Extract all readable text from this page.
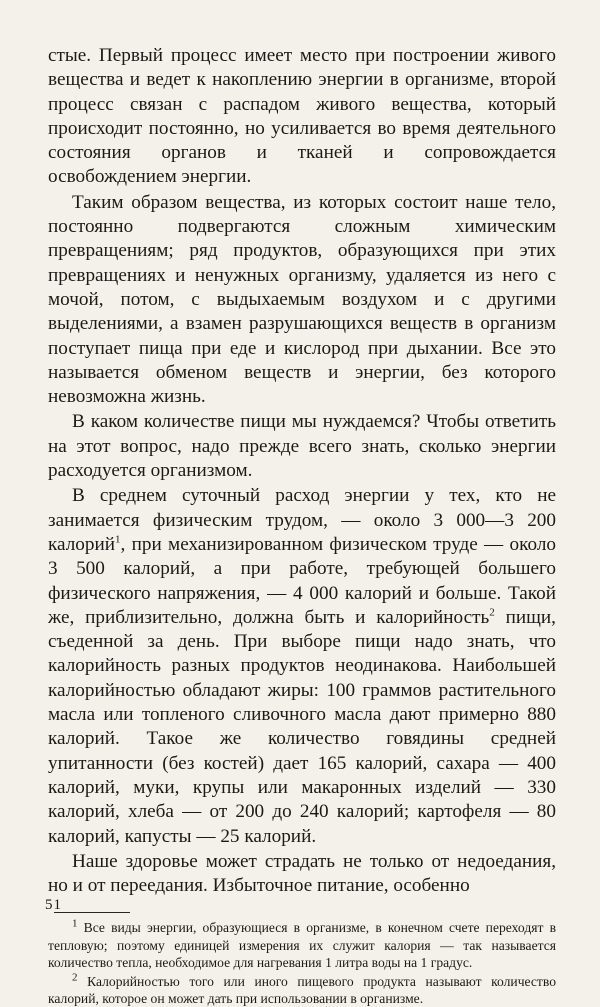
стые. Первый процесс имеет место при построении живого вещества и ведет к накоплению энергии в организме, второй процесс связан с распадом живого вещества, который происходит постоянно, но усиливается во время деятельного состояния органов и тканей и сопровождается освобождением энергии.

Таким образом вещества, из которых состоит наше тело, постоянно подвергаются сложным химическим превращениям; ряд продуктов, образующихся при этих превращениях и ненужных организму, удаляется из него с мочой, потом, с выдыхаемым воздухом и с другими выделениями, а взамен разрушающихся веществ в организм поступает пища при еде и кислород при дыхании. Все это называется обменом веществ и энергии, без которого невозможна жизнь.

В каком количестве пищи мы нуждаемся? Чтобы ответить на этот вопрос, надо прежде всего знать, сколько энергии расходуется организмом.

В среднем суточный расход энергии у тех, кто не занимается физическим трудом, — около 3 000—3 200 калорий$^1$, при механизированном физическом труде — около 3 500 калорий, а при работе, требующей большего физического напряжения, — 4 000 калорий и больше. Такой же, приблизительно, должна быть и калорийность$^2$ пищи, съеденной за день. При выборе пищи надо знать, что калорийность разных продуктов неодинакова. Наибольшей калорийностью обладают жиры: 100 граммов растительного масла или топленого сливочного масла дают примерно 880 калорий. Такое же количество говядины средней упитанности (без костей) дает 165 калорий, сахара — 400 калорий, муки, крупы или макаронных изделий — 330 калорий, хлеба — от 200 до 240 калорий; картофеля — 80 калорий, капусты — 25 калорий.

Наше здоровье может страдать не только от недоедания, но и от переедания. Избыточное питание, особенно

$^1$ Все виды энергии, образующиеся в организме, в конечном счете переходят в тепловую; поэтому единицей измерения их служит калория — так называется количество тепла, необходимое для нагревания 1 литра воды на 1 градус.

$^2$ Калорийностью того или иного пищевого продукта называют количество калорий, которое он может дать при использовании в организме.

51
